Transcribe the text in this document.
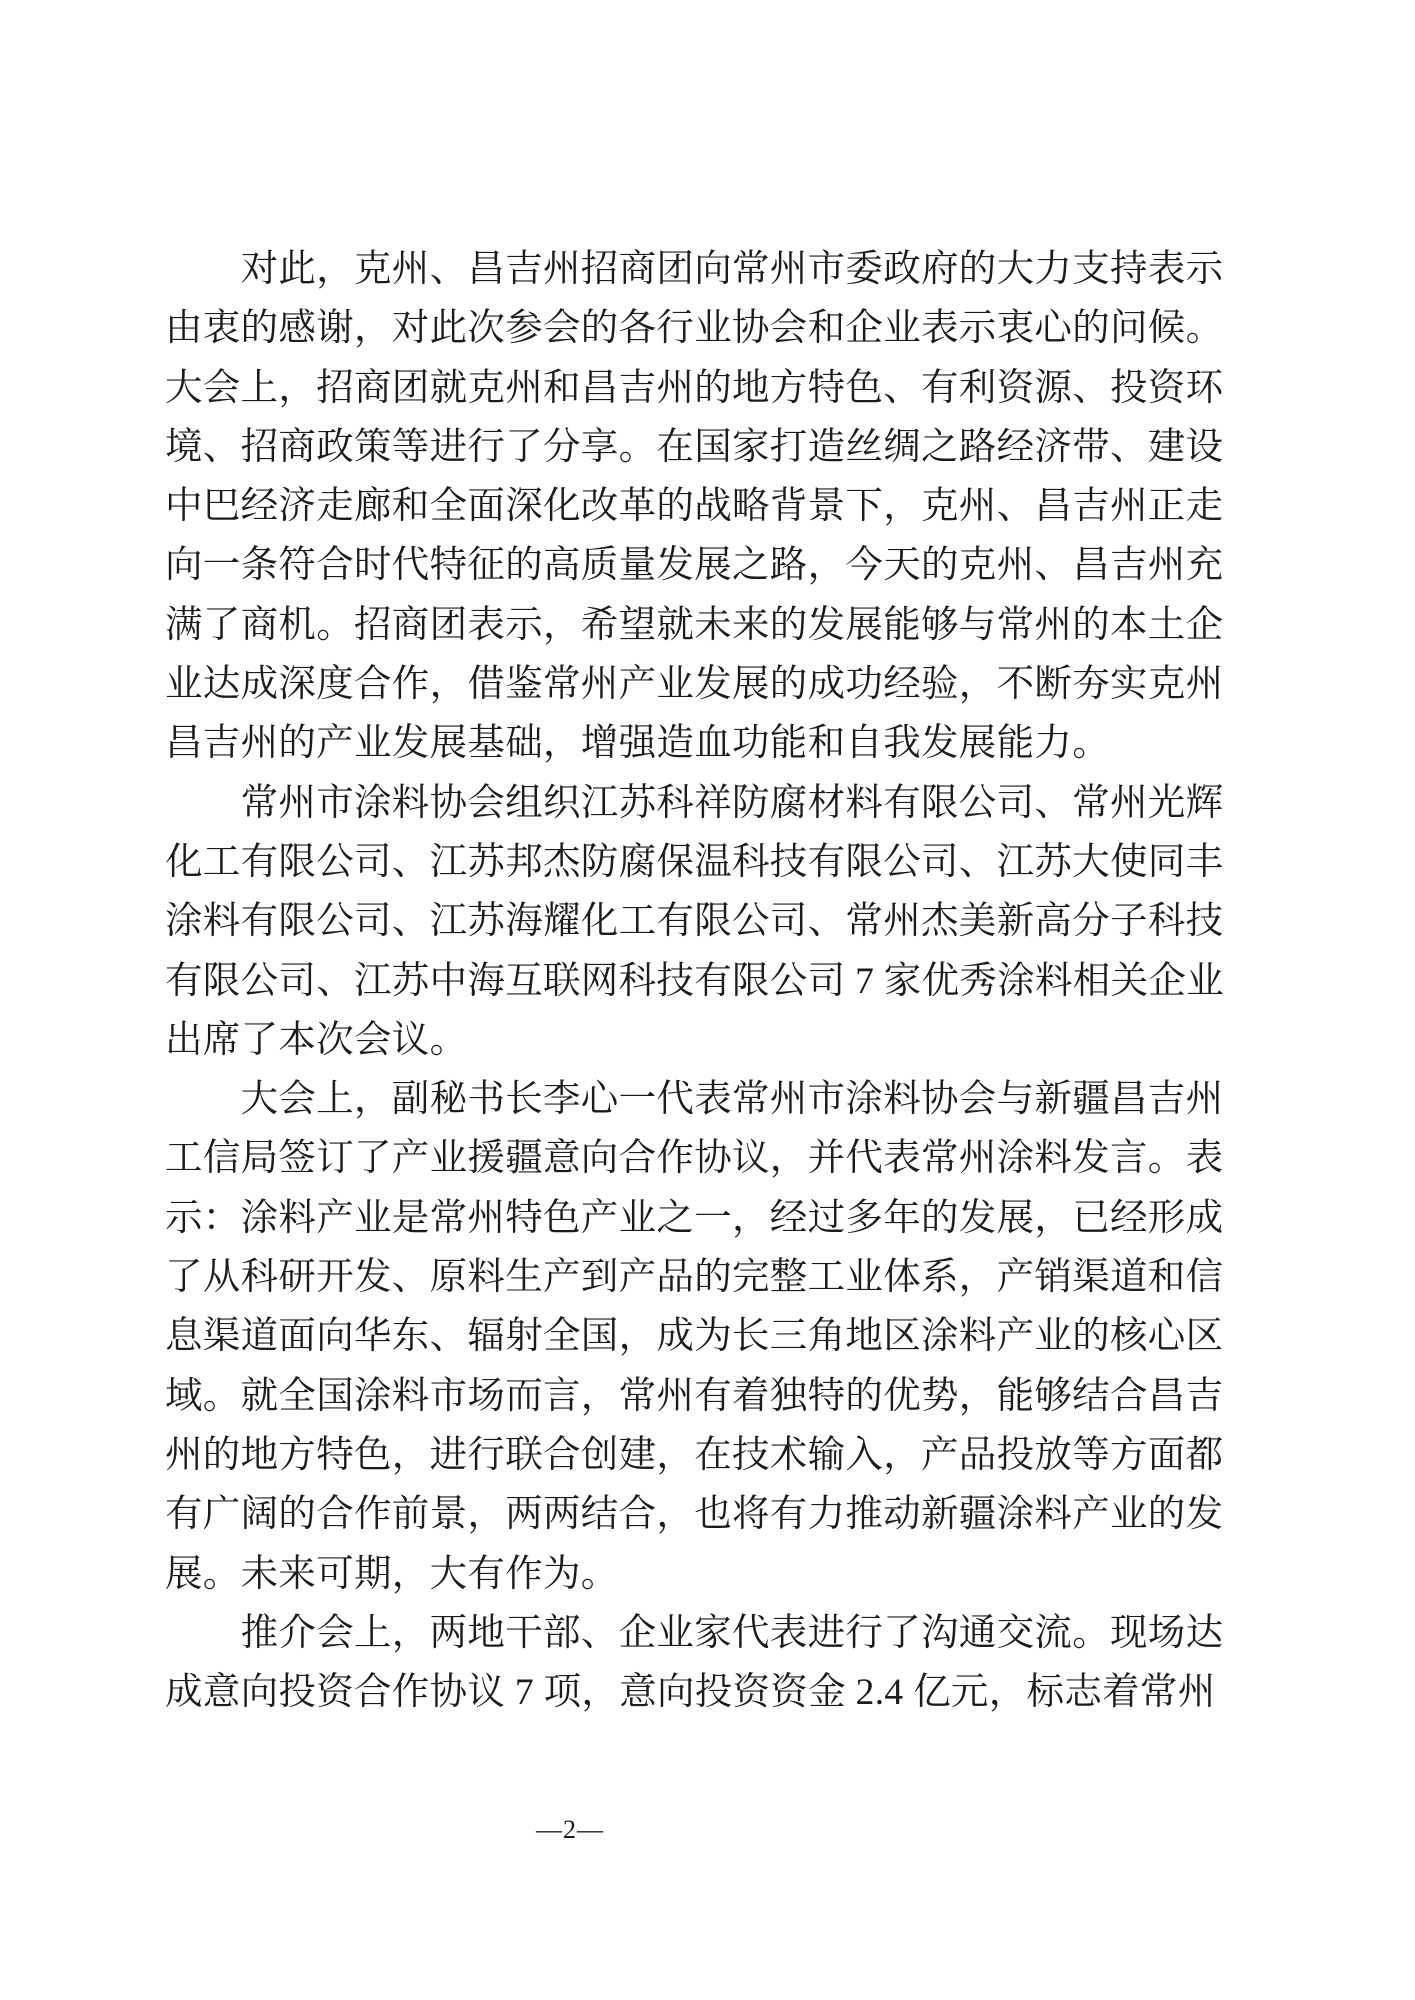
　　对此，克州、昌吉州招商团向常州市委政府的大力支持表示
由衷的感谢，对此次参会的各行业协会和企业表示衷心的问候。
大会上，招商团就克州和昌吉州的地方特色、有利资源、投资环
境、招商政策等进行了分享。在国家打造丝绸之路经济带、建设
中巴经济走廊和全面深化改革的战略背景下，克州、昌吉州正走
向一条符合时代特征的高质量发展之路，今天的克州、昌吉州充
满了商机。招商团表示，希望就未来的发展能够与常州的本土企
业达成深度合作，借鉴常州产业发展的成功经验，不断夯实克州
昌吉州的产业发展基础，增强造血功能和自我发展能力。
　　常州市涂料协会组织江苏科祥防腐材料有限公司、常州光辉
化工有限公司、江苏邦杰防腐保温科技有限公司、江苏大使同丰
涂料有限公司、江苏海耀化工有限公司、常州杰美新高分子科技
有限公司、江苏中海互联网科技有限公司 7 家优秀涂料相关企业
出席了本次会议。
　　大会上，副秘书长李心一代表常州市涂料协会与新疆昌吉州
工信局签订了产业援疆意向合作协议，并代表常州涂料发言。表
示：涂料产业是常州特色产业之一，经过多年的发展，已经形成
了从科研开发、原料生产到产品的完整工业体系，产销渠道和信
息渠道面向华东、辐射全国，成为长三角地区涂料产业的核心区
域。就全国涂料市场而言，常州有着独特的优势，能够结合昌吉
州的地方特色，进行联合创建，在技术输入，产品投放等方面都
有广阔的合作前景，两两结合，也将有力推动新疆涂料产业的发
展。未来可期，大有作为。
　　推介会上，两地干部、企业家代表进行了沟通交流。现场达
成意向投资合作协议 7 项，意向投资资金 2.4 亿元，标志着常州
—2—
